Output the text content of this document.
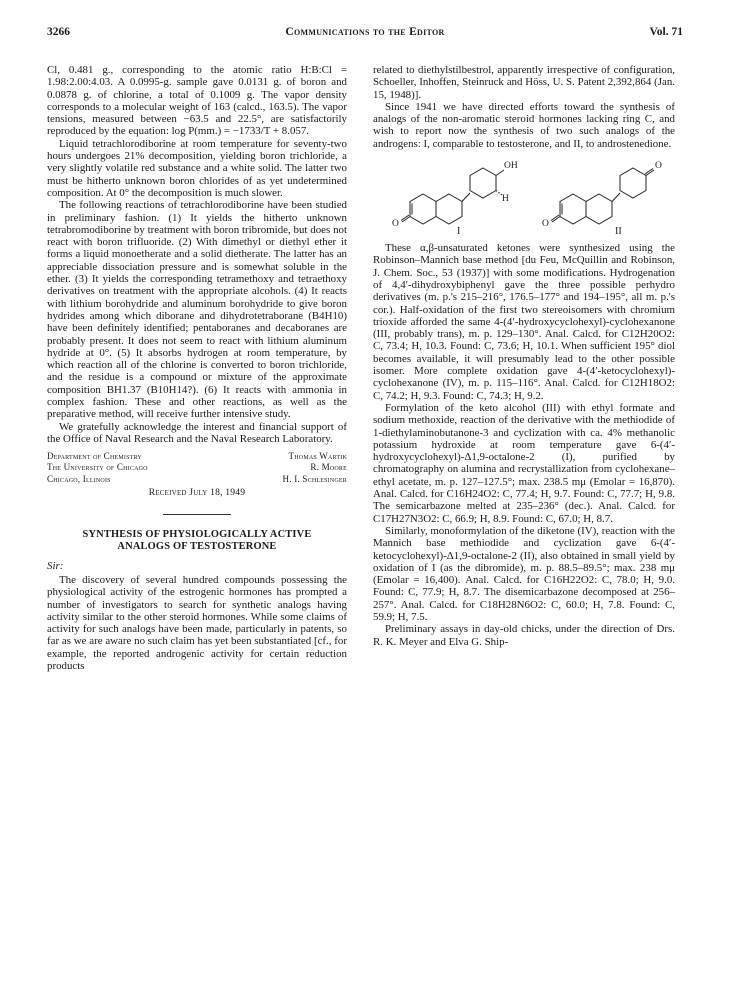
3266	Communications to the Editor	Vol. 71

Cl, 0.481 g., corresponding to the atomic ratio H:B:Cl = 1.98:2.00:4.03. A 0.0995-g. sample gave 0.0131 g. of boron and 0.0878 g. of chlorine, a total of 0.1009 g. The vapor density corresponds to a molecular weight of 163 (calcd., 163.5). The vapor tensions, measured between −63.5 and 22.5°, are satisfactorily reproduced by the equation: log P(mm.) = −1733/T + 8.057.

Liquid tetrachlorodiborine at room temperature for seventy-two hours undergoes 21% decomposition, yielding boron trichloride, a very slightly volatile red substance and a white solid. The latter two must be hitherto unknown boron chlorides of as yet undetermined composition. At 0° the decomposition is much slower.

The following reactions of tetrachlorodiborine have been studied in preliminary fashion. (1) It yields the hitherto unknown tetrabromodiborine by treatment with boron tribromide, but does not react with boron trifluoride. (2) With dimethyl or diethyl ether it forms a liquid monoetherate and a solid dietherate. The latter has an appreciable dissociation pressure and is somewhat soluble in the ether. (3) It yields the corresponding tetramethoxy and tetraethoxy derivatives on treatment with the appropriate alcohols. (4) It reacts with lithium borohydride and aluminum borohydride to give boron hydrides among which diborane and dihydrotetraborane (B4H10) have been definitely identified; pentaboranes and decaboranes are probably present. It does not seem to react with lithium aluminum hydride at 0°. (5) It absorbs hydrogen at room temperature, by which reaction all of the chlorine is converted to boron trichloride, and the residue is a compound or mixture of the approximate composition BH1.37 (B10H14?). (6) It reacts with ammonia in complex fashion. These and other reactions, as well as the preparative method, will receive further intensive study.

We gratefully acknowledge the interest and financial support of the Office of Naval Research and the Naval Research Laboratory.

Department of Chemistry	Thomas Wartik
The University of Chicago	R. Moore
Chicago, Illinois	H. I. Schlesinger
Received July 18, 1949
SYNTHESIS OF PHYSIOLOGICALLY ACTIVE
ANALOGS OF TESTOSTERONE
Sir:

The discovery of several hundred compounds possessing the physiological activity of the estrogenic hormones has prompted a number of investigators to search for synthetic analogs having activity similar to the other steroid hormones. While some claims of activity for such analogs have been made, particularly in patents, so far as we are aware no such claim has yet been substantiated [cf., for example, the reported androgenic activity for certain reduction products

related to diethylstilbestrol, apparently irrespective of configuration, Schoeller, Inhoffen, Steinruck and Höss, U. S. Patent 2,392,864 (Jan. 15, 1948)].

Since 1941 we have directed efforts toward the synthesis of analogs of the non-aromatic steroid hormones lacking ring C, and wish to report now the synthesis of two such analogs of the androgens: I, comparable to testosterone, and II, to androstenedione.

OH
H
O	O
O
I	II

These α,β-unsaturated ketones were synthesized using the Robinson–Mannich base method [du Feu, McQuillin and Robinson, J. Chem. Soc., 53 (1937)] with some modifications. Hydrogenation of 4,4′-dihydroxybiphenyl gave the three possible perhydro derivatives (m. p.'s 215–216°, 176.5–177° and 194–195°, all m. p.'s cor.). Half-oxidation of the first two stereoisomers with chromium trioxide afforded the same 4-(4′-hydroxycyclohexyl)-cyclohexanone (III, probably trans), m. p. 129–130°. Anal. Calcd. for C12H20O2: C, 73.4; H, 10.3. Found: C, 73.6; H, 10.1. When sufficient 195° diol becomes available, it will presumably lead to the other possible isomer. More complete oxidation gave 4-(4′-ketocyclohexyl)-cyclohexanone (IV), m. p. 115–116°. Anal. Calcd. for C12H18O2: C, 74.2; H, 9.3. Found: C, 74.3; H, 9.2.

Formylation of the keto alcohol (III) with ethyl formate and sodium methoxide, reaction of the derivative with the methiodide of 1-diethylaminobutanone-3 and cyclization with ca. 4% methanolic potassium hydroxide at room temperature gave 6-(4′-hydroxycyclohexyl)-Δ1,9-octalone-2 (I), purified by chromatography on alumina and recrystallization from cyclohexane–ethyl acetate, m. p. 127–127.5°; max. 238.5 mμ (Emolar = 16,870). Anal. Calcd. for C16H24O2: C, 77.4; H, 9.7. Found: C, 77.7; H, 9.8. The semicarbazone melted at 235–236° (dec.). Anal. Calcd. for C17H27N3O2: C, 66.9; H, 8.9. Found: C, 67.0; H, 8.7.

Similarly, monoformylation of the diketone (IV), reaction with the Mannich base methiodide and cyclization gave 6-(4′-ketocyclohexyl)-Δ1,9-octalone-2 (II), also obtained in small yield by oxidation of I (as the dibromide), m. p. 88.5–89.5°; max. 238 mμ (Emolar = 16,400). Anal. Calcd. for C16H22O2: C, 78.0; H, 9.0. Found: C, 77.9; H, 8.7. The disemicarbazone decomposed at 256–257°. Anal. Calcd. for C18H28N6O2: C, 60.0; H, 7.8. Found: C, 59.9; H, 7.5.

Preliminary assays in day-old chicks, under the direction of Drs. R. K. Meyer and Elva G. Ship-
